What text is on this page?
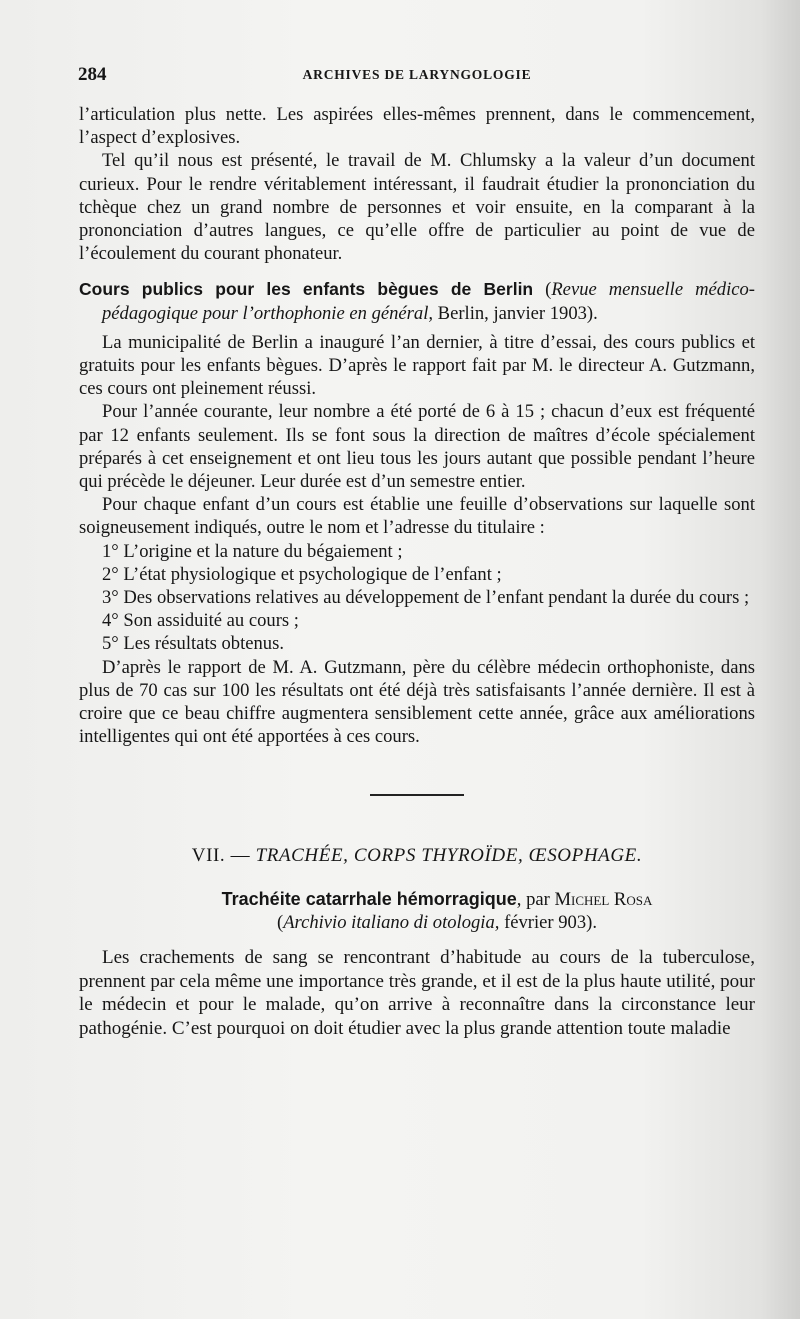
284	ARCHIVES DE LARYNGOLOGIE

l’articulation plus nette. Les aspirées elles-mêmes prennent, dans le commencement, l’aspect d’explosives.

Tel qu’il nous est présenté, le travail de M. Chlumsky a la valeur d’un document curieux. Pour le rendre véritablement intéressant, il faudrait étudier la prononciation du tchèque chez un grand nombre de personnes et voir ensuite, en la comparant à la prononciation d’autres langues, ce qu’elle offre de particulier au point de vue de l’écoulement du courant phonateur.

Cours publics pour les enfants bègues de Berlin (Revue mensuelle médico-pédagogique pour l’orthophonie en général, Berlin, janvier 1903).

La municipalité de Berlin a inauguré l’an dernier, à titre d’essai, des cours publics et gratuits pour les enfants bègues. D’après le rapport fait par M. le directeur A. Gutzmann, ces cours ont pleinement réussi.

Pour l’année courante, leur nombre a été porté de 6 à 15 ; chacun d’eux est fréquenté par 12 enfants seulement. Ils se font sous la direction de maîtres d’école spécialement préparés à cet enseignement et ont lieu tous les jours autant que possible pendant l’heure qui précède le déjeuner. Leur durée est d’un semestre entier.

Pour chaque enfant d’un cours est établie une feuille d’observations sur laquelle sont soigneusement indiqués, outre le nom et l’adresse du titulaire :

1° L’origine et la nature du bégaiement ;

2° L’état physiologique et psychologique de l’enfant ;

3° Des observations relatives au développement de l’enfant pendant la durée du cours ;

4° Son assiduité au cours ;

5° Les résultats obtenus.

D’après le rapport de M. A. Gutzmann, père du célèbre médecin orthophoniste, dans plus de 70 cas sur 100 les résultats ont été déjà très satisfaisants l’année dernière. Il est à croire que ce beau chiffre augmentera sensiblement cette année, grâce aux améliorations intelligentes qui ont été apportées à ces cours.

VII. — TRACHÉE, CORPS THYROÏDE, ŒSOPHAGE.
Trachéite catarrhale hémorragique, par Michel Rosa
(Archivio italiano di otologia, février 903).

Les crachements de sang se rencontrant d’habitude au cours de la tuberculose, prennent par cela même une importance très grande, et il est de la plus haute utilité, pour le médecin et pour le malade, qu’on arrive à reconnaître dans la circonstance leur pathogénie. C’est pourquoi on doit étudier avec la plus grande attention toute maladie
